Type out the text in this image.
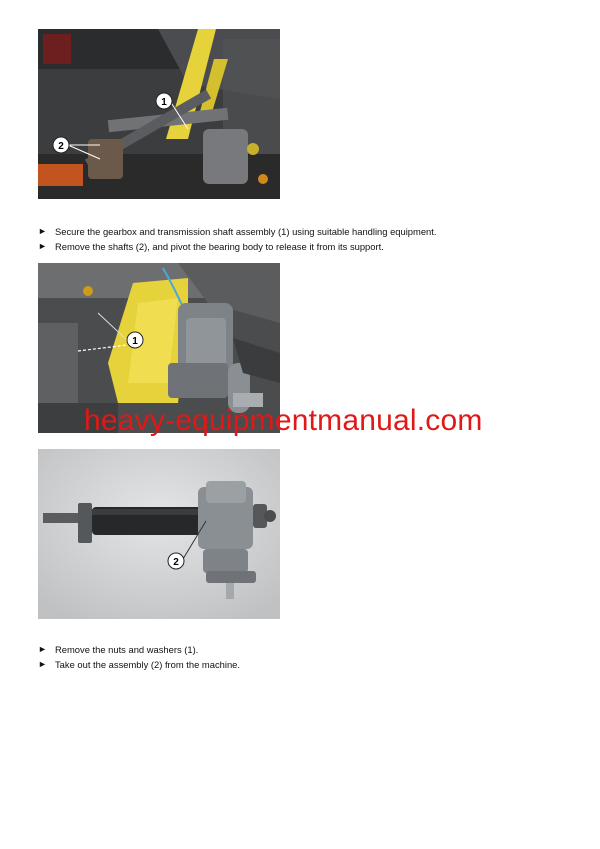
1
2
► Secure the gearbox and transmission shaft assembly (1) using suitable handling equipment.
► Remove the shafts (2), and pivot the bearing body to release it from its support.
1
2
► Remove the nuts and washers (1).
► Take out the assembly (2) from the machine.
heavy-equipmentmanual.com
